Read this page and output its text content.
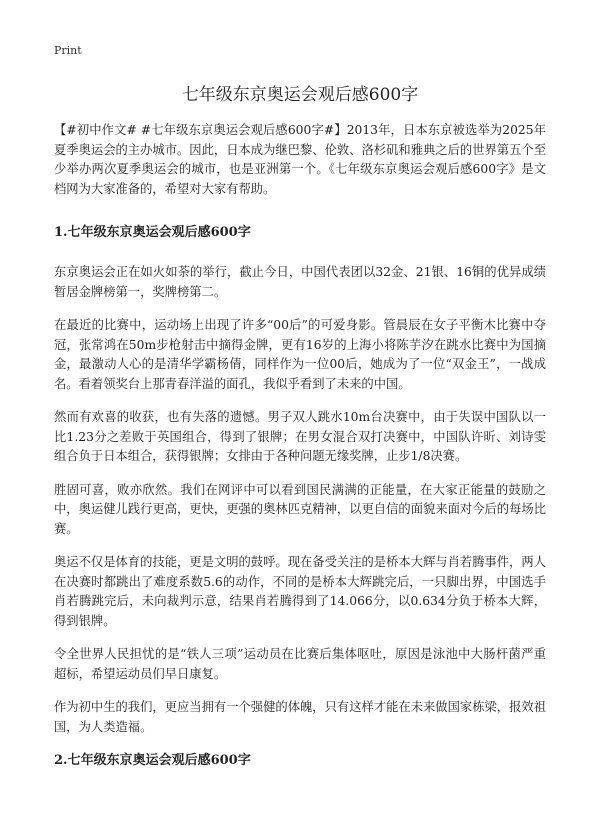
Print
七年级东京奥运会观后感600字

【#初中作文# #七年级东京奥运会观后感600字#】2013年，日本东京被选举为2025年夏季奥运会的主办城市。因此，日本成为继巴黎、伦敦、洛杉矶和雅典之后的世界第五个至少举办两次夏季奥运会的城市，也是亚洲第一个。《七年级东京奥运会观后感600字》是文档网为大家准备的，希望对大家有帮助。

1.七年级东京奥运会观后感600字

东京奥运会正在如火如荼的举行，截止今日，中国代表团以32金、21银、16铜的优异成绩暂居金牌榜第一，奖牌榜第二。

在最近的比赛中，运动场上出现了许多“00后”的可爱身影。管晨辰在女子平衡木比赛中夺冠，张常鸿在50m步枪射击中摘得金牌，更有16岁的上海小将陈芋汐在跳水比赛中为国摘金，最激动人心的是清华学霸杨倩，同样作为一位00后，她成为了一位“双金王”，一战成名。看着领奖台上那青春洋溢的面孔，我似乎看到了未来的中国。

然而有欢喜的收获，也有失落的遗憾。男子双人跳水10m台决赛中，由于失误中国队以一比1.23分之差败于英国组合，得到了银牌；在男女混合双打决赛中，中国队许昕、刘诗雯组合负于日本组合，获得银牌；女排由于各种问题无缘奖牌，止步1/8决赛。

胜固可喜，败亦欣然。我们在网评中可以看到国民满满的正能量，在大家正能量的鼓励之中，奥运健儿践行更高，更快，更强的奥林匹克精神，以更自信的面貌来面对今后的每场比赛。

奥运不仅是体育的技能，更是文明的鼓呼。现在备受关注的是桥本大辉与肖若腾事件，两人在决赛时都跳出了难度系数5.6的动作，不同的是桥本大辉跳完后，一只脚出界，中国选手肖若腾跳完后，未向裁判示意，结果肖若腾得到了14.066分，以0.634分负于桥本大辉，得到银牌。

令全世界人民担忧的是“铁人三项”运动员在比赛后集体呕吐，原因是泳池中大肠杆菌严重超标，希望运动员们早日康复。

作为初中生的我们，更应当拥有一个强健的体魄，只有这样才能在未来做国家栋梁，报效祖国，为人类造福。

2.七年级东京奥运会观后感600字
